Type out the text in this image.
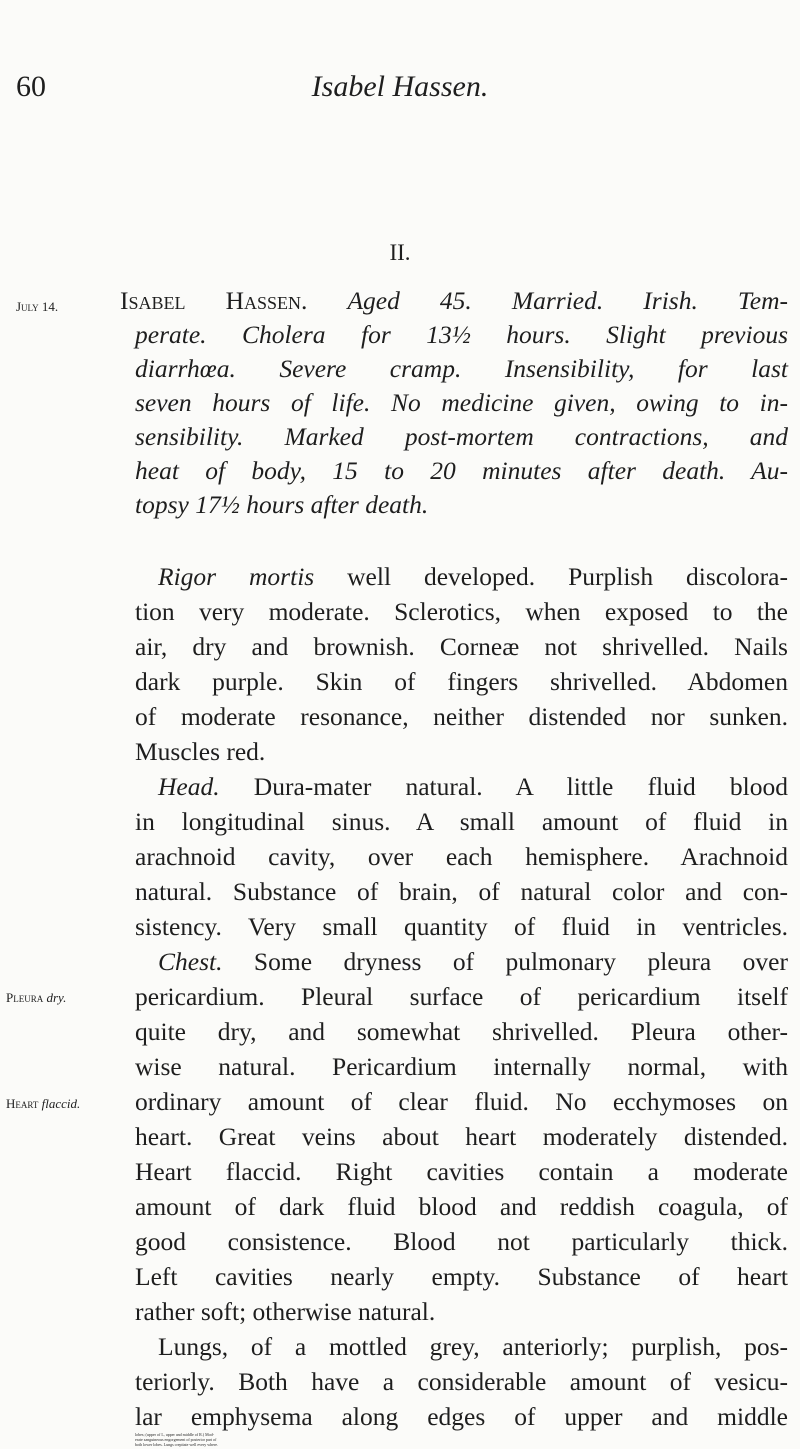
60	Isabel Hassen.
II.
July 14.
Pleura dry.
Heart flaccid.
Isabel Hassen. Aged 45. Married. Irish. Tem-
perate. Cholera for 13½ hours. Slight previous
diarrhœa. Severe cramp. Insensibility, for last
seven hours of life. No medicine given, owing to in-
sensibility. Marked post-mortem contractions, and
heat of body, 15 to 20 minutes after death. Au-
topsy 17½ hours after death.
Rigor mortis well developed. Purplish discolora-
tion very moderate. Sclerotics, when exposed to the
air, dry and brownish. Corneæ not shrivelled. Nails
dark purple. Skin of fingers shrivelled. Abdomen
of moderate resonance, neither distended nor sunken.
Muscles red.
Head. Dura-mater natural. A little fluid blood
in longitudinal sinus. A small amount of fluid in
arachnoid cavity, over each hemisphere. Arachnoid
natural. Substance of brain, of natural color and con-
sistency. Very small quantity of fluid in ventricles.
Chest. Some dryness of pulmonary pleura over
pericardium. Pleural surface of pericardium itself
quite dry, and somewhat shrivelled. Pleura other-
wise natural. Pericardium internally normal, with
ordinary amount of clear fluid. No ecchymoses on
heart. Great veins about heart moderately distended.
Heart flaccid. Right cavities contain a moderate
amount of dark fluid blood and reddish coagula, of
good consistence. Blood not particularly thick.
Left cavities nearly empty. Substance of heart
rather soft; otherwise natural.
Lungs, of a mottled grey, anteriorly; purplish, pos-
teriorly. Both have a considerable amount of vesicu-
lar emphysema along edges of upper and middle
lobes; (upper of L, upper and middle of R.) Mod-
erate sanguineous engorgement of posterior part of
both lower lobes. Lungs crepitate well every where.
